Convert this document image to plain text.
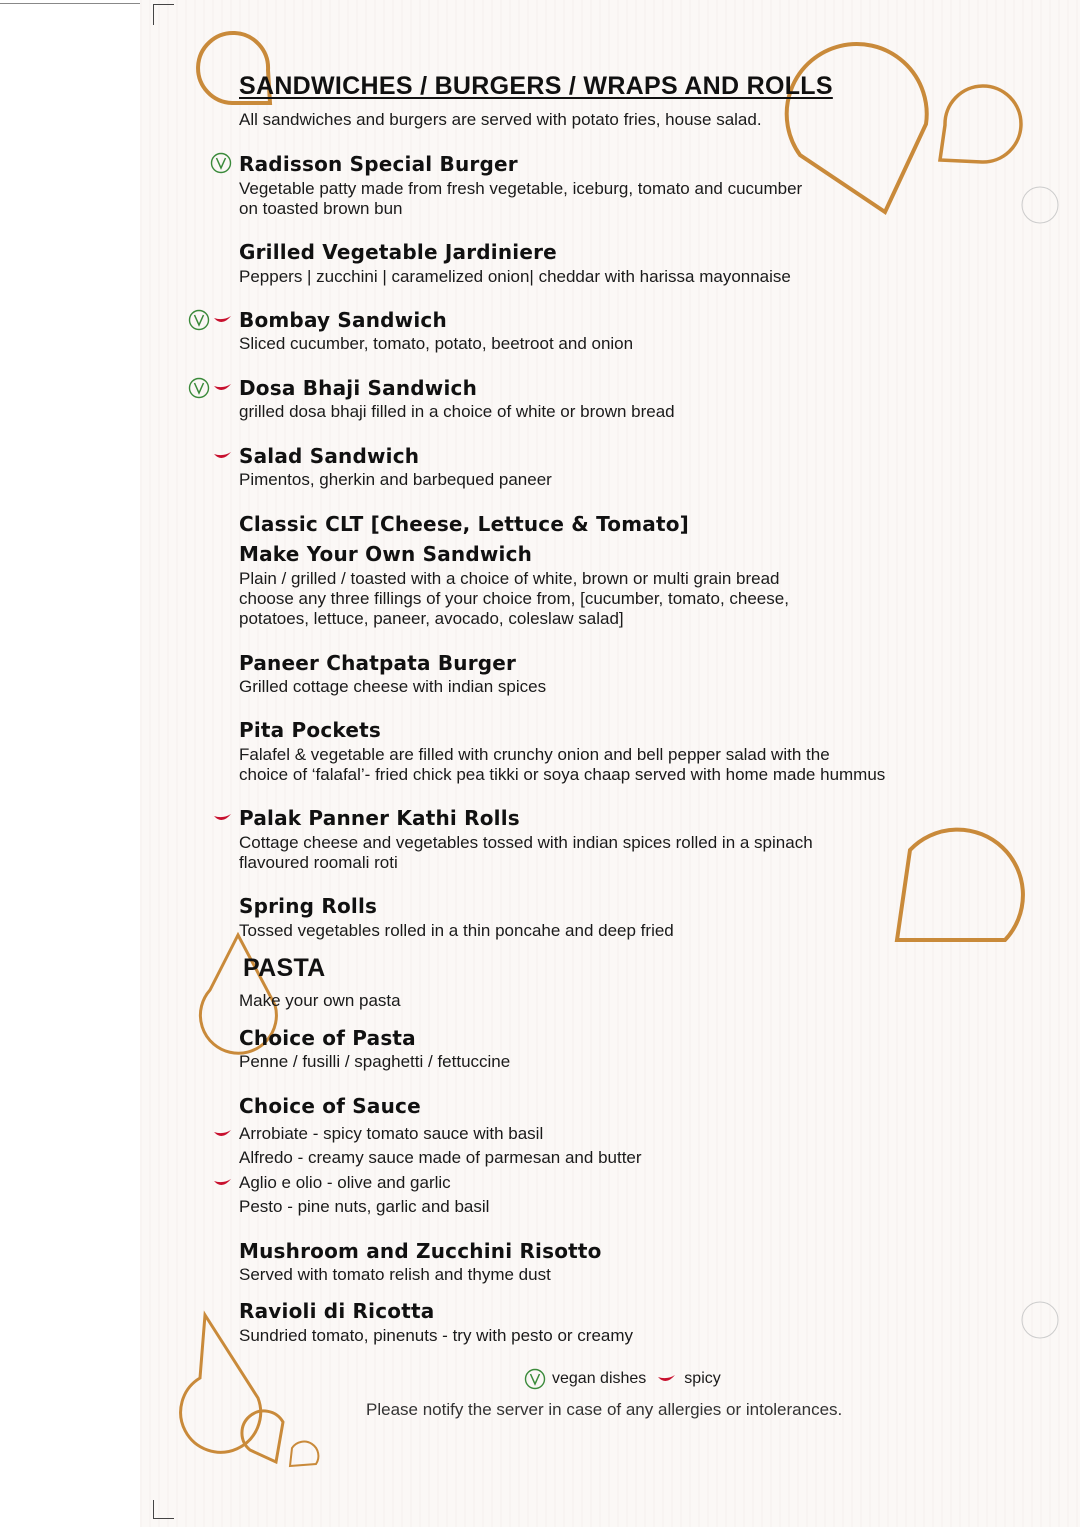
SANDWICHES / BURGERS / WRAPS AND ROLLS
All sandwiches and burgers are served with potato fries, house salad.
Radisson Special Burger
Vegetable patty made from fresh vegetable, iceburg, tomato and cucumber
on toasted brown bun
Grilled Vegetable Jardiniere
Peppers | zucchini | caramelized onion| cheddar with harissa mayonnaise
Bombay Sandwich
Sliced cucumber, tomato, potato, beetroot and onion
Dosa Bhaji Sandwich
grilled dosa bhaji filled in a choice of white or brown bread
Salad Sandwich
Pimentos, gherkin and barbequed paneer
Classic CLT [Cheese, Lettuce & Tomato]
Make Your Own Sandwich
Plain / grilled / toasted with a choice of white, brown or multi grain bread
choose any three fillings of your choice from, [cucumber, tomato, cheese,
potatoes, lettuce, paneer, avocado, coleslaw salad]
Paneer Chatpata Burger
Grilled cottage cheese with indian spices
Pita Pockets
Falafel & vegetable are filled with crunchy onion and bell pepper salad with the
choice of ‘falafal’- fried chick pea tikki or soya chaap served with home made hummus
Palak Panner Kathi Rolls
Cottage cheese and vegetables tossed with indian spices rolled in a spinach
flavoured roomali roti
Spring Rolls
Tossed vegetables rolled in a thin poncahe and deep fried
PASTA
Make your own pasta
Choice of Pasta
Penne / fusilli / spaghetti / fettuccine
Choice of Sauce
Arrobiate - spicy tomato sauce with basil
Alfredo - creamy sauce made of parmesan and butter
Aglio e olio - olive and garlic
Pesto - pine nuts, garlic and basil
Mushroom and Zucchini Risotto
Served with tomato relish and thyme dust
Ravioli di Ricotta
Sundried tomato, pinenuts - try with pesto or creamy
vegan dishes spicy
Please notify the server in case of any allergies or intolerances.
